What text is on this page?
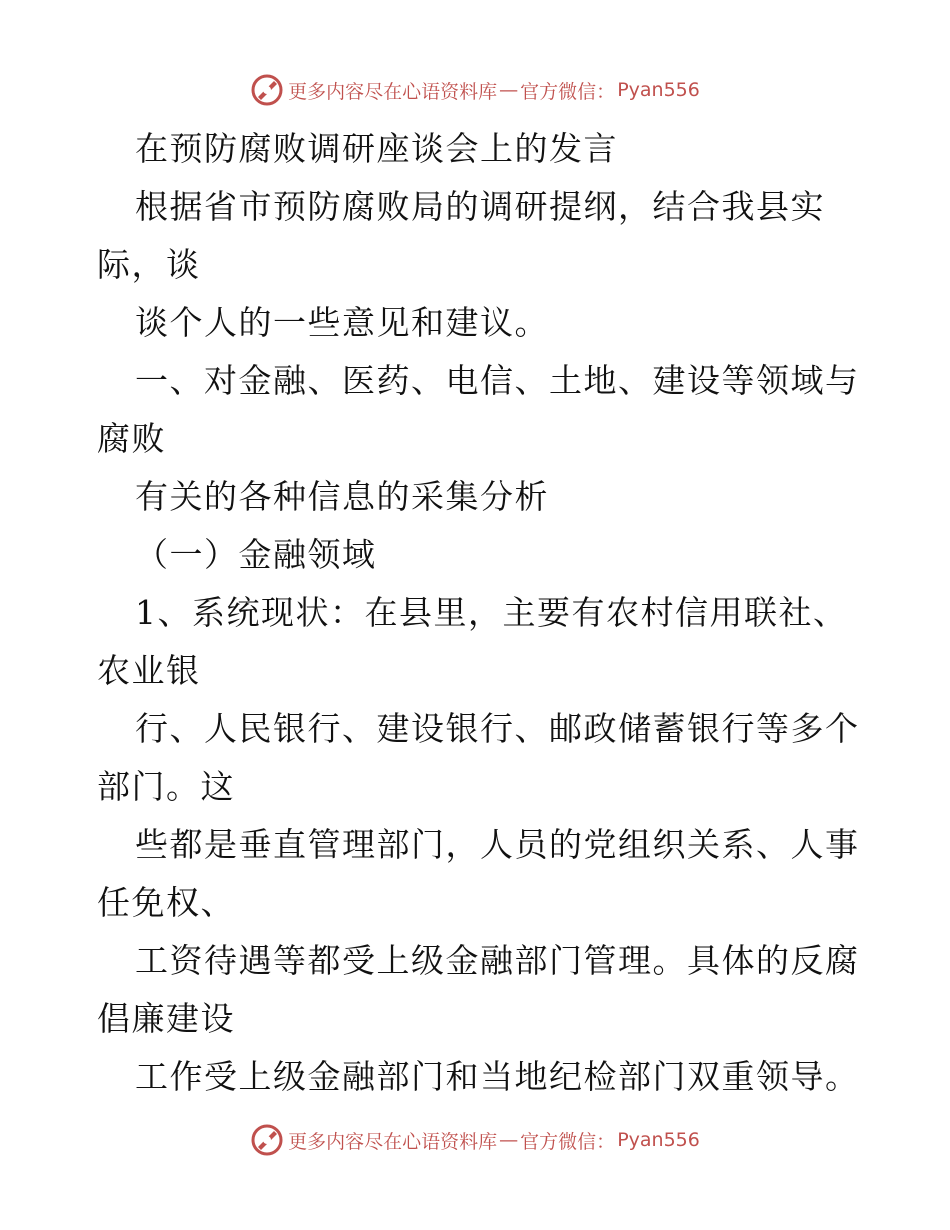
更多内容尽在心语资料库 — 官方微信： Pyan556
在预防腐败调研座谈会上的发言
根据省市预防腐败局的调研提纲，结合我县实
际，谈
谈个人的一些意见和建议。
一、对金融、医药、电信、土地、建设等领域与
腐败
有关的各种信息的采集分析
（一）金融领域
1、系统现状：在县里，主要有农村信用联社、
农业银
行、人民银行、建设银行、邮政储蓄银行等多个
部门。这
些都是垂直管理部门，人员的党组织关系、人事
任免权、
工资待遇等都受上级金融部门管理。具体的反腐
倡廉建设
工作受上级金融部门和当地纪检部门双重领导。
更多内容尽在心语资料库 — 官方微信： Pyan556
